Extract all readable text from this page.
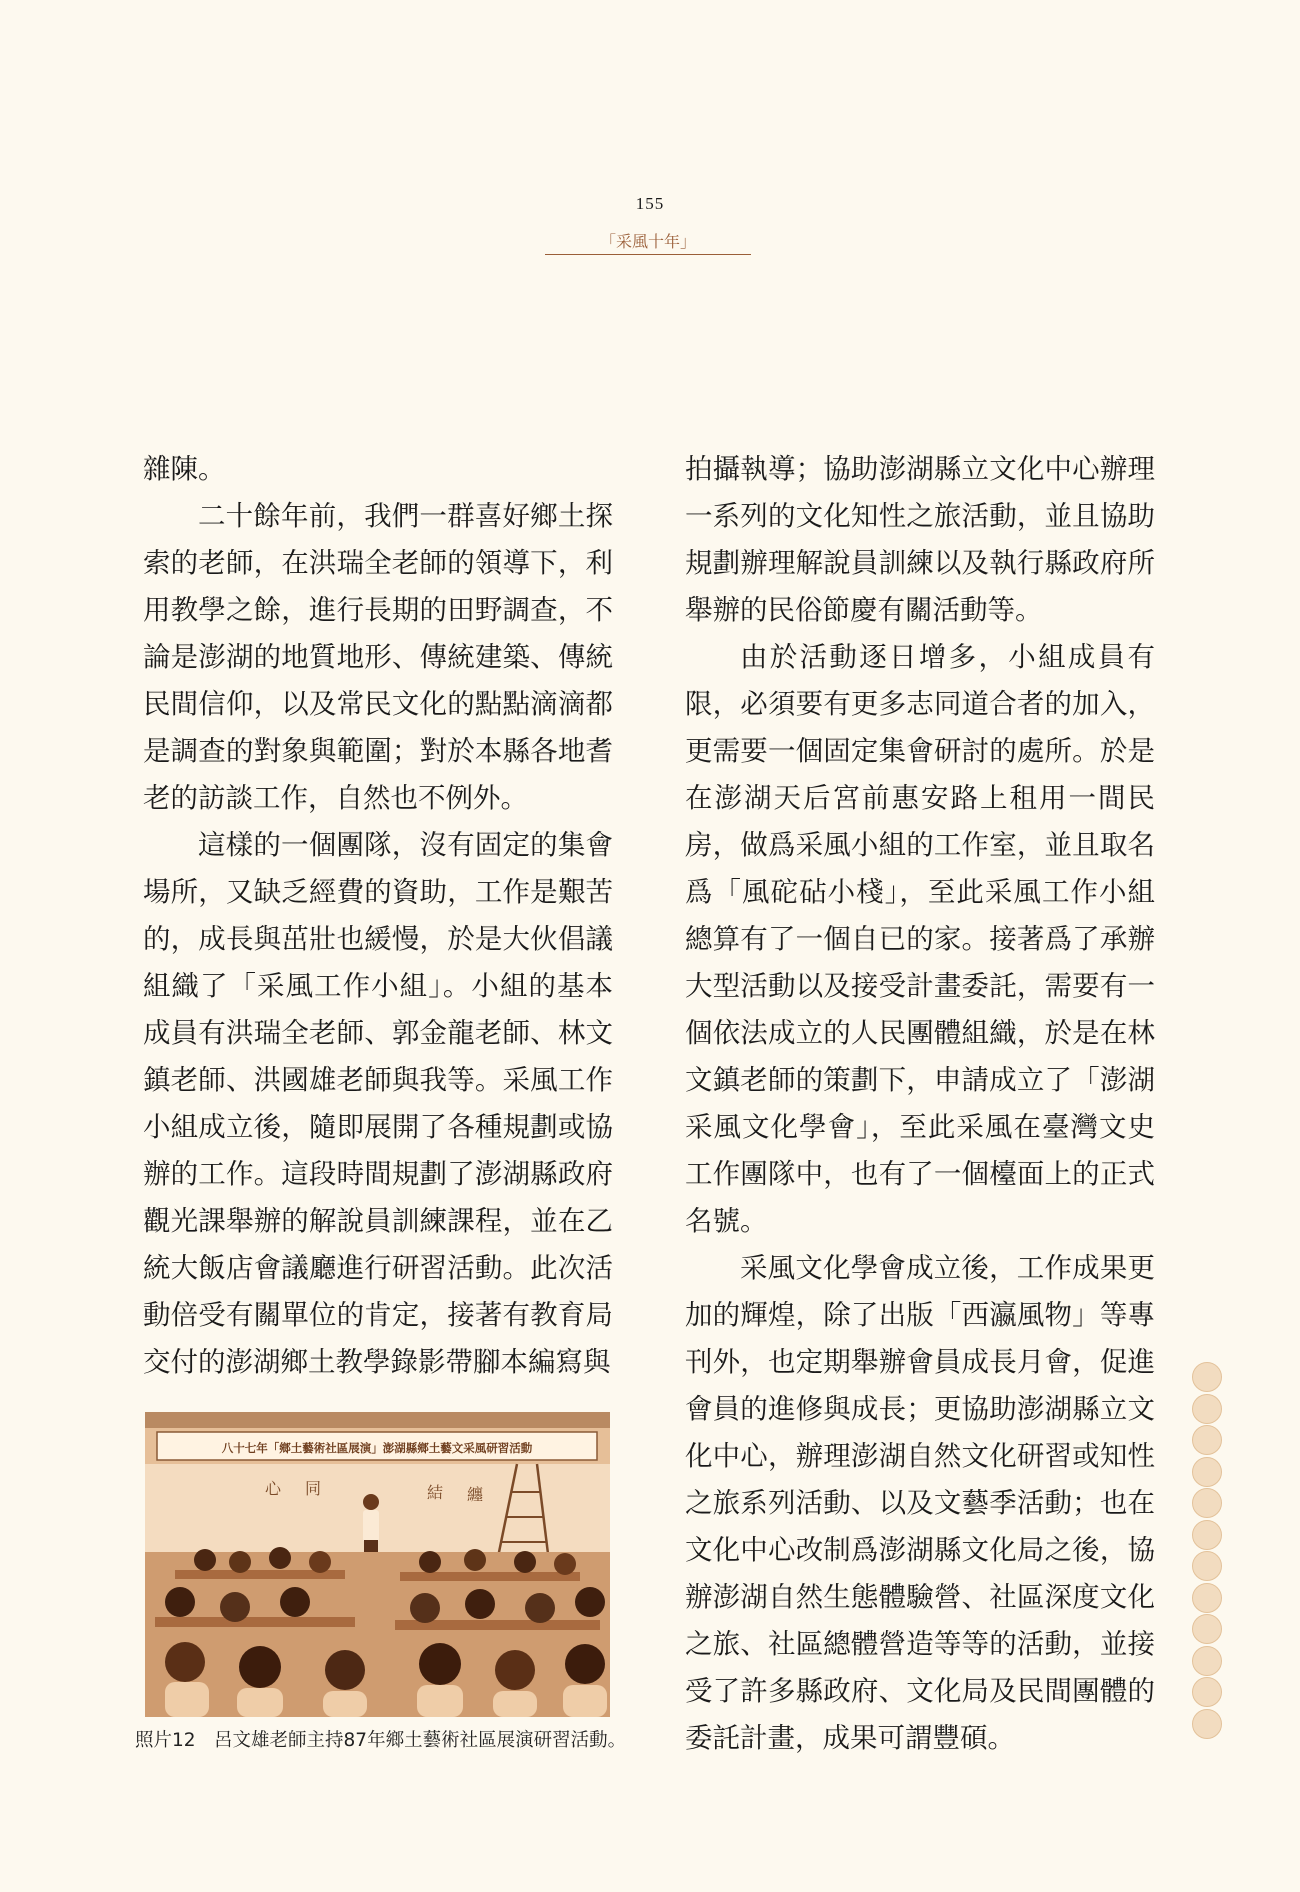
155
「采風十年」

雜陳。

二十餘年前，我們一群喜好鄉土探索的老師，在洪瑞全老師的領導下，利用教學之餘，進行長期的田野調查，不論是澎湖的地質地形、傳統建築、傳統民間信仰，以及常民文化的點點滴滴都是調查的對象與範圍；對於本縣各地耆老的訪談工作，自然也不例外。

這樣的一個團隊，沒有固定的集會場所，又缺乏經費的資助，工作是艱苦的，成長與茁壯也緩慢，於是大伙倡議組織了「采風工作小組」。小組的基本成員有洪瑞全老師、郭金龍老師、林文鎮老師、洪國雄老師與我等。采風工作小組成立後，隨即展開了各種規劃或協辦的工作。這段時間規劃了澎湖縣政府觀光課舉辦的解說員訓練課程，並在乙統大飯店會議廳進行研習活動。此次活動倍受有關單位的肯定，接著有教育局交付的澎湖鄉土教學錄影帶腳本編寫與

拍攝執導；協助澎湖縣立文化中心辦理一系列的文化知性之旅活動，並且協助規劃辦理解說員訓練以及執行縣政府所舉辦的民俗節慶有關活動等。

由於活動逐日增多，小組成員有限，必須要有更多志同道合者的加入，更需要一個固定集會研討的處所。於是在澎湖天后宮前惠安路上租用一間民房，做爲采風小組的工作室，並且取名爲「風砣砧小棧」，至此采風工作小組總算有了一個自已的家。接著爲了承辦大型活動以及接受計畫委託，需要有一個依法成立的人民團體組織，於是在林文鎮老師的策劃下，申請成立了「澎湖采風文化學會」，至此采風在臺灣文史工作團隊中，也有了一個檯面上的正式名號。

采風文化學會成立後，工作成果更加的輝煌，除了出版「西瀛風物」等專刊外，也定期舉辦會員成長月會，促進會員的進修與成長；更協助澎湖縣立文化中心，辦理澎湖自然文化研習或知性之旅系列活動、以及文藝季活動；也在文化中心改制爲澎湖縣文化局之後，協辦澎湖自然生態體驗營、社區深度文化之旅、社區總體營造等等的活動，並接受了許多縣政府、文化局及民間團體的委託計畫，成果可謂豐碩。

八十七年「鄉土藝術社區展演」澎湖縣鄉土藝文采風研習活動
心 同	結 纏
照片12　呂文雄老師主持87年鄉土藝術社區展演研習活動。
